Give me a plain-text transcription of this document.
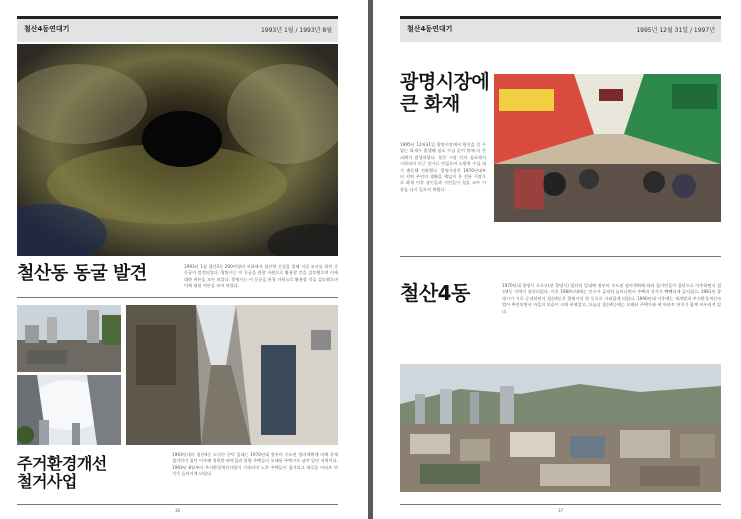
철산4동연대기	1993년 1월 / 1993년 8월
철산동 동굴 발견	1993년 1월 철산3동 200여평의 지하에서 철산역 건설을 위해 지질 조사를 하던 중 동굴이 발견되었다. 광명시는 이 동굴을 관광 자원으로 활용할 것을 검토했으며 이에 대한 여론을 모아 보았다. 광명시는 이 동굴을 관광 자원으로 활용할 것을 검토했으며 이에 대한 여론을 모아 보았다.

주거환경개선 철거사업

1993년대의 철산4동 도덕산 중턱 일대는 1970년대 정부의 수도권 정비계획에 의해 강제 철거민이 집단 이주해 정착한 판잣집과 불량 주택들이 오래된 주택가로 남아 있던 지역이다. 1993년 8월부터 주거환경개선사업이 시작되어 노후 주택들이 철거되고 새로운 아파트 단지가 들어서게 되었다.

36
철산4동연대기	1995년 12월 31일 / 1997년
광명시장에 큰 화재

1995년 12월31일 광명시장에서 원인을 알 수 없는 화재가 발생해 점포 수십 곳이 불에 타 큰 피해가 발생하였다. 불은 시장 안의 점포에서 시작되어 인근 상가로 번졌으며 소방차 수십 대가 출동해 진화했다. 광명시장은 1970년대부터 지역 주민의 생활을 책임져 온 전통 시장으로 화재 이후 상인들과 시민들이 힘을 모아 시장을 다시 일으켜 세웠다.

철산4동	1970년대 광명시 구로구(현 광명시) 철산리 일대에 정부의 수도권 정비계획에 따라 철거민들이 집단으로 이주하면서 철산4동 지역이 형성되었다. 이후 1980년대에는 인구가 급격히 늘어나면서 주택과 상가가 빽빽하게 들어섰고, 1981년 광명시가 시로 승격되면서 철산4동은 광명시의 한 동으로 자리잡게 되었다. 1990년대 이후에는 재개발과 주거환경개선사업이 추진되면서 마을의 모습이 크게 바뀌었고, 오늘날 철산4동에는 오래된 주택가와 새 아파트 단지가 함께 어우러져 있다.

37
